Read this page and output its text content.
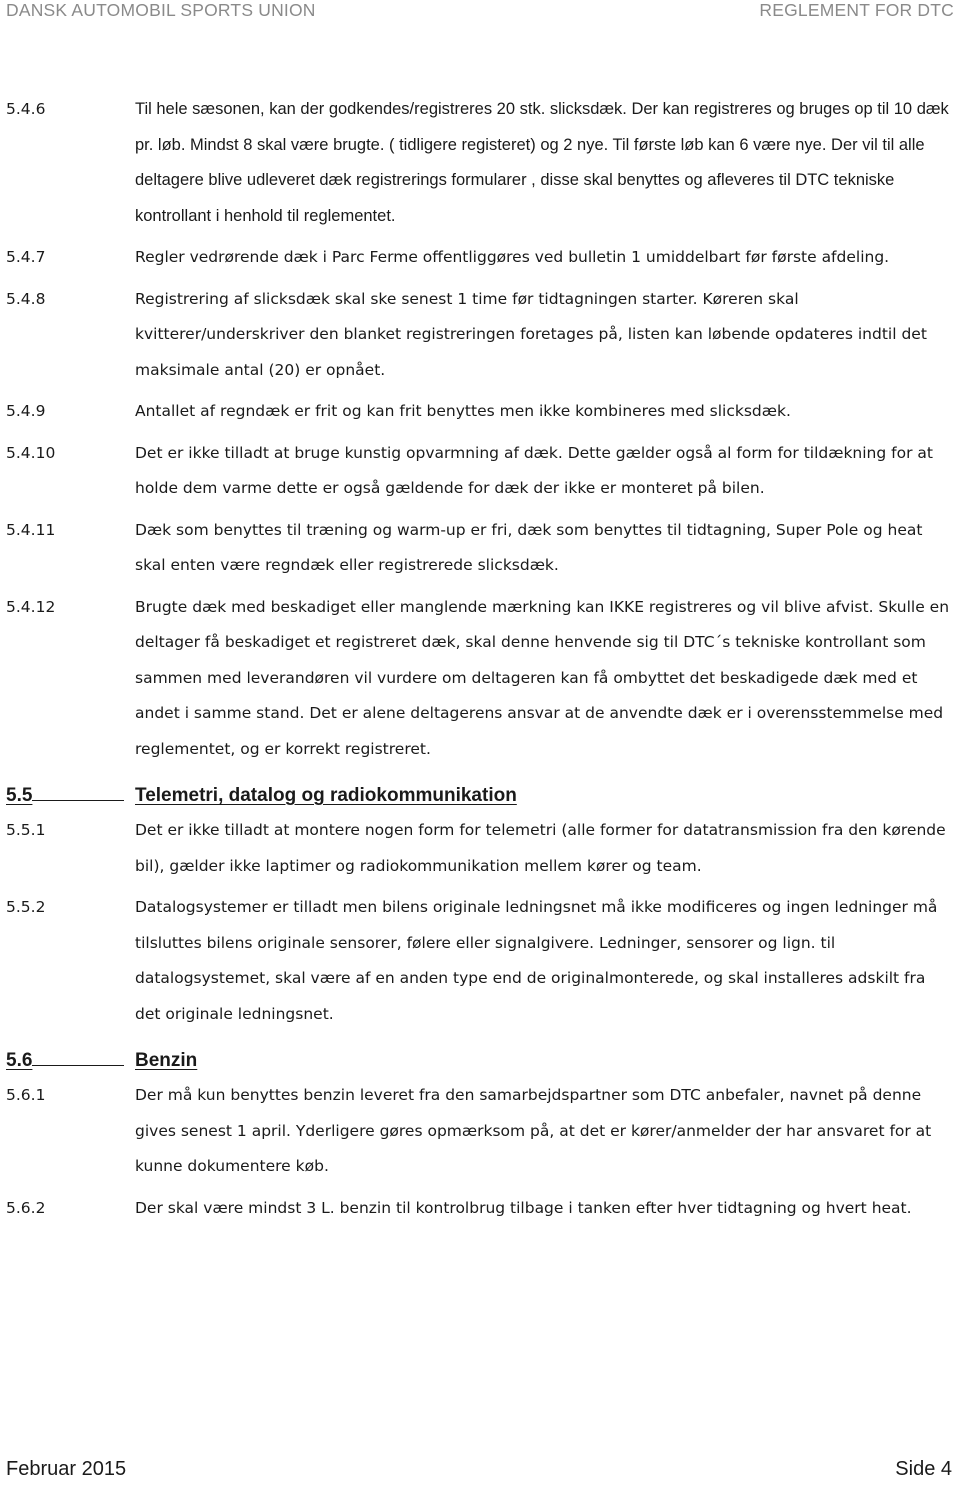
DANSK AUTOMOBIL SPORTS UNION	REGLEMENT FOR DTC
5.4.6	Til hele sæsonen, kan der godkendes/registreres 20 stk. slicksdæk. Der kan registreres og bruges op til 10 dæk pr. løb. Mindst 8 skal være brugte. ( tidligere registeret) og 2 nye. Til første løb kan 6 være nye. Der vil til alle deltagere blive udleveret dæk registrerings formularer , disse skal benyttes og afleveres til DTC tekniske kontrollant i henhold til reglementet.
5.4.7	Regler vedrørende dæk i Parc Ferme offentliggøres ved bulletin 1 umiddelbart før første afdeling.
5.4.8	Registrering af slicksdæk skal ske senest 1 time før tidtagningen starter. Køreren skal kvitterer/underskriver den blanket registreringen foretages på, listen kan løbende opdateres indtil det maksimale antal (20) er opnået.
5.4.9	Antallet af regndæk er frit og kan frit benyttes men ikke kombineres med slicksdæk.
5.4.10	Det er ikke tilladt at bruge kunstig opvarmning af dæk. Dette gælder også al form for tildækning for at holde dem varme dette er også gældende for dæk der ikke er monteret på bilen.
5.4.11	Dæk som benyttes til træning og warm-up er fri, dæk som benyttes til tidtagning, Super Pole og heat skal enten være regndæk eller registrerede slicksdæk.
5.4.12	Brugte dæk med beskadiget eller manglende mærkning kan IKKE registreres og vil blive afvist. Skulle en deltager få beskadiget et registreret dæk, skal denne henvende sig til DTC´s tekniske kontrollant som sammen med leverandøren vil vurdere om deltageren kan få ombyttet det beskadigede dæk med et andet i samme stand. Det er alene deltagerens ansvar at de anvendte dæk er i overensstemmelse med reglementet, og er korrekt registreret.
5.5	Telemetri, datalog og radiokommunikation
5.5.1	Det er ikke tilladt at montere nogen form for telemetri (alle former for datatransmission fra den kørende bil), gælder ikke laptimer og radiokommunikation mellem kører og team.
5.5.2	Datalogsystemer er tilladt men bilens originale ledningsnet må ikke modificeres og ingen ledninger må tilsluttes bilens originale sensorer, følere eller signalgivere. Ledninger, sensorer og lign. til datalogsystemet, skal være af en anden type end de originalmonterede, og skal installeres adskilt fra det originale ledningsnet.
5.6	Benzin
5.6.1	Der må kun benyttes benzin leveret fra den samarbejdspartner som DTC anbefaler, navnet på denne gives senest 1 april. Yderligere gøres opmærksom på, at det er kører/anmelder der har ansvaret for at kunne dokumentere køb.
5.6.2	Der skal være mindst 3 L. benzin til kontrolbrug tilbage i tanken efter hver tidtagning og hvert heat.
Februar 2015	Side 4
